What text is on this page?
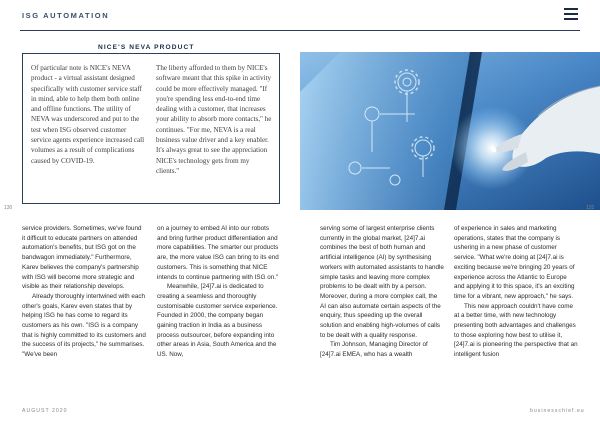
ISG AUTOMATION
Of particular note is NICE's NEVA product - a virtual assistant designed specifically with customer service staff in mind, able to help them both online and offline functions. The utility of NEVA was underscored and put to the test when ISG observed customer service agents experience increased call volumes as a result of complications caused by COVID-19.
The liberty afforded to them by NICE's software meant that this spike in activity could be more effectively managed. "If you're spending less end-to-end time dealing with a customer, that increases your ability to absorb more contacts," he continues. "For me, NEVA is a real business value driver and a key enabler. It's always great to see the appreciation NICE's technology gets from my clients."
NICE'S NEVA PRODUCT
130	131

service providers. Sometimes, we've found it difficult to educate partners on attended automation's benefits, but ISG got on the bandwagon immediately." Furthermore, Karev believes the company's partnership with ISG will become more strategic and visible as their relationship develops.

Already thoroughly intertwined with each other's goals, Karev even states that by helping ISG he has come to regard its customers as his own. "ISG is a company that is highly committed to its customers and the success of its projects," he summarises. "We've been

on a journey to embed AI into our robots and bring further product differentiation and more capabilities. The smarter our products are, the more value ISG can bring to its end customers. This is something that NICE intends to continue partnering with ISG on."

Meanwhile, [24]7.ai is dedicated to creating a seamless and thoroughly customisable customer service experience. Founded in 2000, the company began gaining traction in India as a business process outsourcer, before expanding into other areas in Asia, South America and the US. Now,

serving some of largest enterprise clients currently in the global market, [24]7.ai combines the best of both human and artificial intelligence (AI) by synthesising workers with automated assistants to handle simple tasks and leaving more complex problems to be dealt with by a person. Moreover, during a more complex call, the AI can also automate certain aspects of the enquiry, thus speeding up the overall solution and enabling high-volumes of calls to be dealt with a quality response.

Tim Johnson, Managing Director of [24]7.ai EMEA, who has a wealth

of experience in sales and marketing operations, states that the company is ushering in a new phase of customer service. "What we're doing at [24]7.ai is exciting because we're bringing 20 years of experience across the Atlantic to Europe and applying it to this space, it's an exciting time for a vibrant, new approach," he says.

This new approach couldn't have come at a better time, with new technology presenting both advantages and challenges to those exploring how best to utilise it, [24]7.ai is pioneering the perspective that an intelligent fusion

AUGUST 2020	businesschief.eu
